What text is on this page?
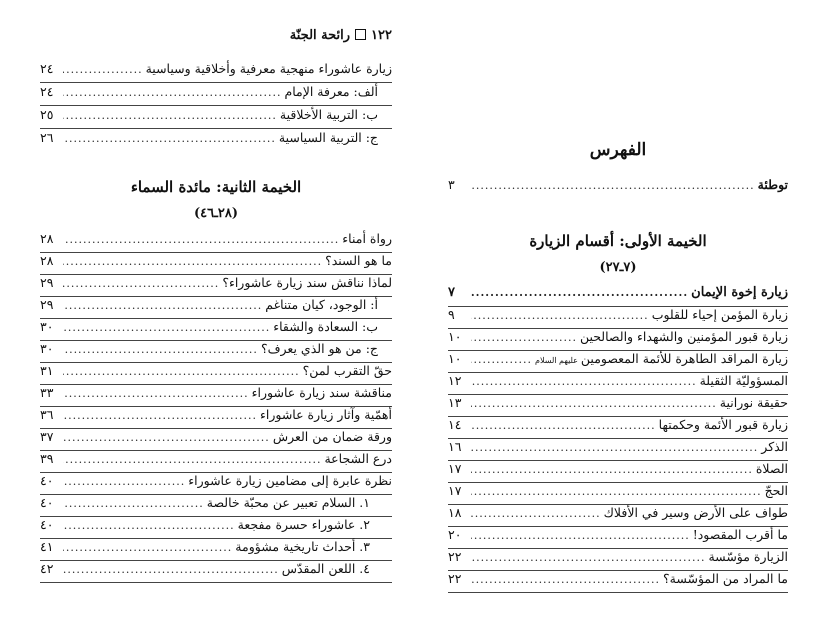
١٢٢رائحة الجنّة
زيارة عاشوراء منهجية معرفية وأخلاقية وسياسية
.....
٢٤
ألف: معرفة الإمام
.....
٢٤
ب: التربية الأخلاقية
.....
٢٥
ج: التربية السياسية
.....
٢٦
الخيمة الثانية: مائدة السماء
(٢٨ـ٤٦)
رواة أمناء
.....
٢٨
ما هو السند؟
.....
٢٨
لماذا نناقش سند زيارة عاشوراء؟
.....
٢٩
أ: الوجود، كيان متناغم
.....
٢٩
ب: السعادة والشقاء
.....
٣٠
ج: من هو الذي يعرف؟
.....
٣٠
حقّ التقرب لمن؟
.....
٣١
مناقشة سند زيارة عاشوراء
.....
٣٣
أهمّية وآثار زيارة عاشوراء
.....
٣٦
ورقة ضمان من العرش
.....
٣٧
درع الشجاعة
.....
٣٩
نظرة عابرة إلى مضامين زيارة عاشوراء
.....
٤٠
١. السلام تعبير عن محبّة خالصة
.....
٤٠
٢. عاشوراء حسرة مفجعة
.....
٤٠
٣. أحداث تاريخية مشؤومة
.....
٤١
٤. اللعن المقدّس
.....
٤٢
الفهرس
توطئة
.....
٣
الخيمة الأولى: أقسام الزيارة
(٧ـ٢٧)
زيارة إخوة الإيمان
.....
٧
زيارة المؤمن إحياء للقلوب
.....
٩
زيارة قبور المؤمنين والشهداء والصالحين
.....
١٠
زيارة المراقد الطاهرة للأئمة المعصومين
عليهم السلام
.....
١٠
المسؤوليّة الثقيلة
.....
١٢
حقيقة نورانية
.....
١٣
زيارة قبور الأئمة وحكمتها
.....
١٤
الذكر
.....
١٦
الصلاة
.....
١٧
الحجّ
.....
١٧
طواف على الأرض وسير في الأفلاك
.....
١٨
ما أقرب المقصود!
.....
٢٠
الزيارة مؤسّسة
.....
٢٢
ما المراد من المؤسّسة؟
.....
٢٢
